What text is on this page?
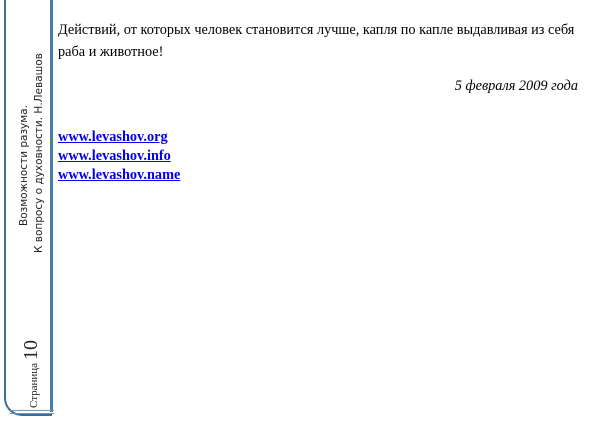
Возможности разума. К вопросу о духовности. Н.Левашов
Страница
10

Действий, от которых человек становится лучше, капля по капле выдавливая из себя раба и животное!

5 февраля 2009 года

www.levashov.org
www.levashov.info
www.levashov.name
